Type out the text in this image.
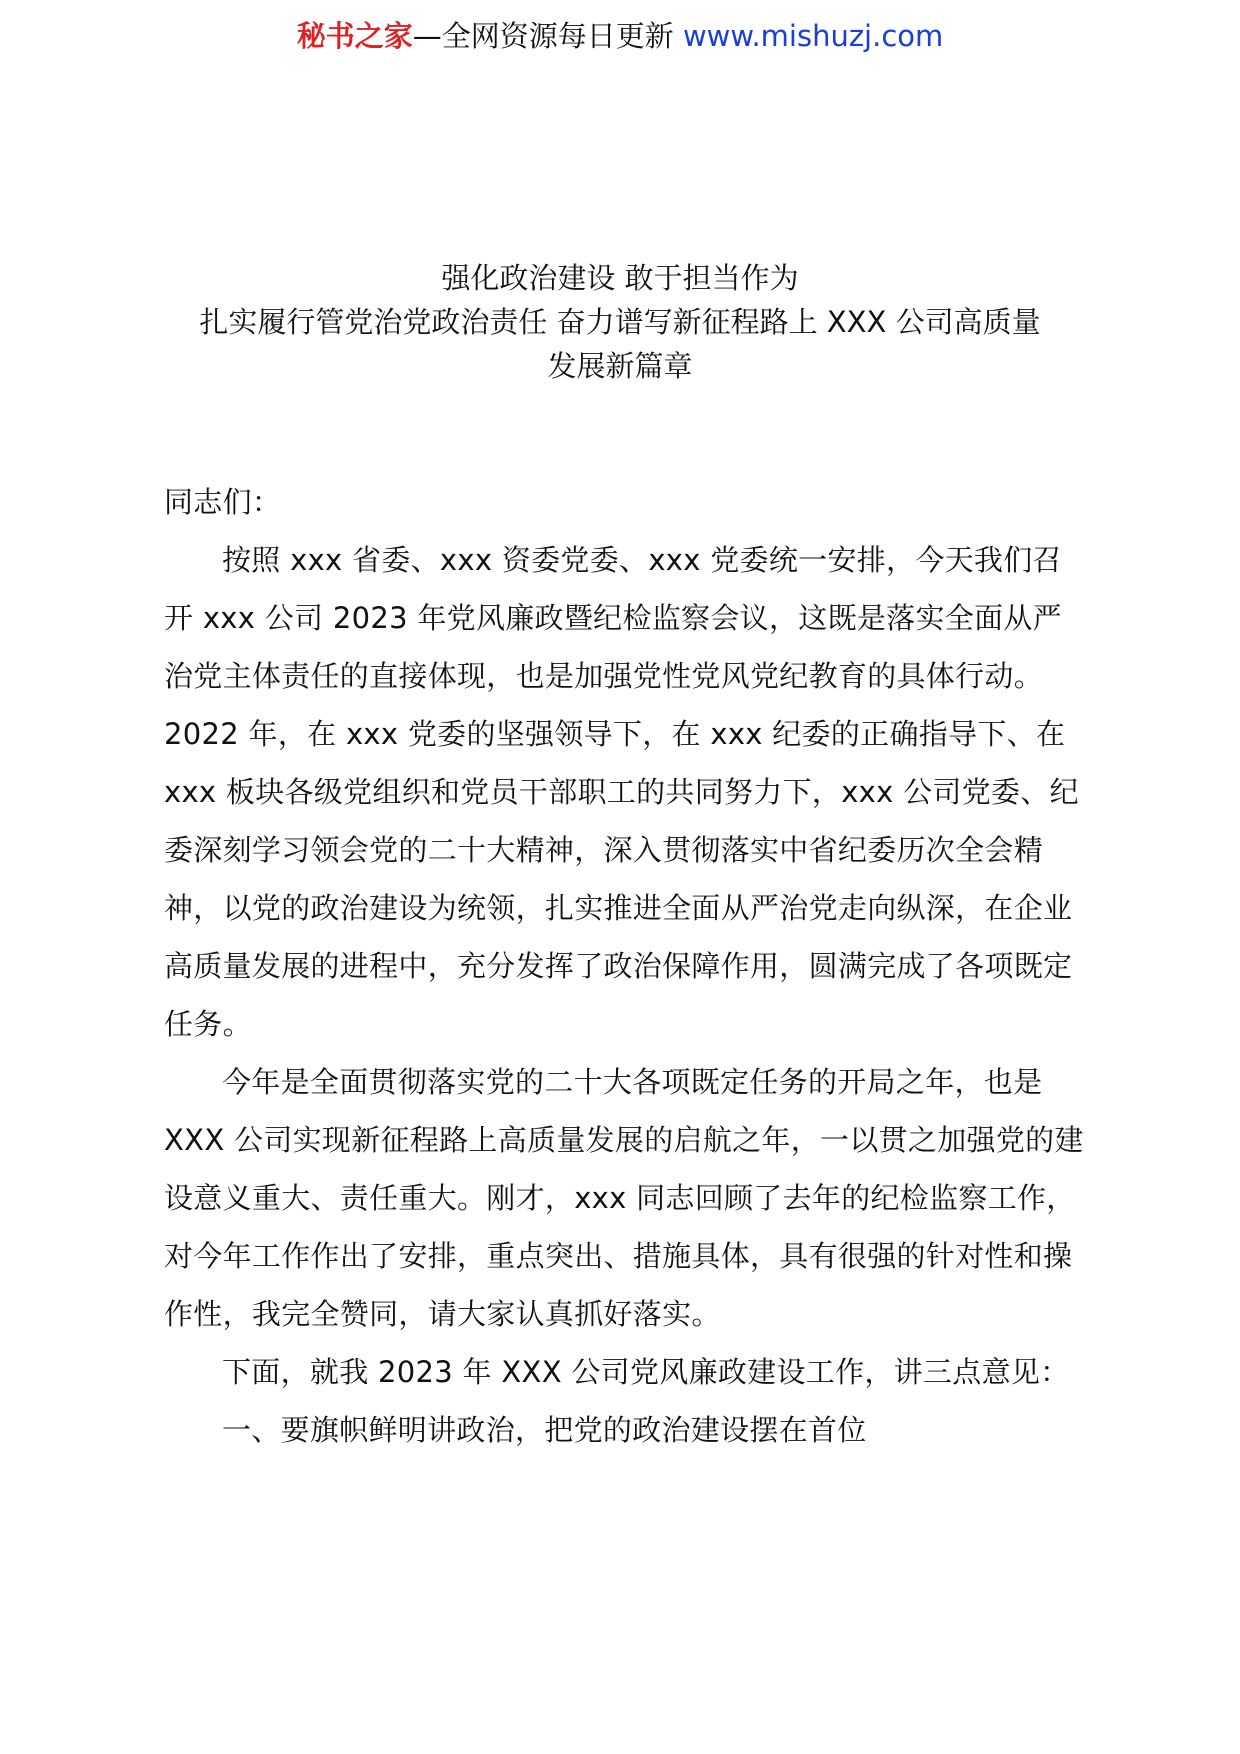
秘书之家—全网资源每日更新 www.mishuzj.com
强化政治建设 敢于担当作为
扎实履行管党治党政治责任 奋力谱写新征程路上 XXX 公司高质量
发展新篇章

同志们：

按照 xxx 省委、xxx 资委党委、xxx 党委统一安排，今天我们召开 xxx 公司 2023 年党风廉政暨纪检监察会议，这既是落实全面从严治党主体责任的直接体现，也是加强党性党风党纪教育的具体行动。2022 年，在 xxx 党委的坚强领导下，在 xxx 纪委的正确指导下、在 xxx 板块各级党组织和党员干部职工的共同努力下，xxx 公司党委、纪委深刻学习领会党的二十大精神，深入贯彻落实中省纪委历次全会精神，以党的政治建设为统领，扎实推进全面从严治党走向纵深，在企业高质量发展的进程中，充分发挥了政治保障作用，圆满完成了各项既定任务。

今年是全面贯彻落实党的二十大各项既定任务的开局之年，也是 XXX 公司实现新征程路上高质量发展的启航之年，一以贯之加强党的建设意义重大、责任重大。刚才，xxx 同志回顾了去年的纪检监察工作，对今年工作作出了安排，重点突出、措施具体，具有很强的针对性和操作性，我完全赞同，请大家认真抓好落实。

下面，就我 2023 年 XXX 公司党风廉政建设工作，讲三点意见：

一、要旗帜鲜明讲政治，把党的政治建设摆在首位
